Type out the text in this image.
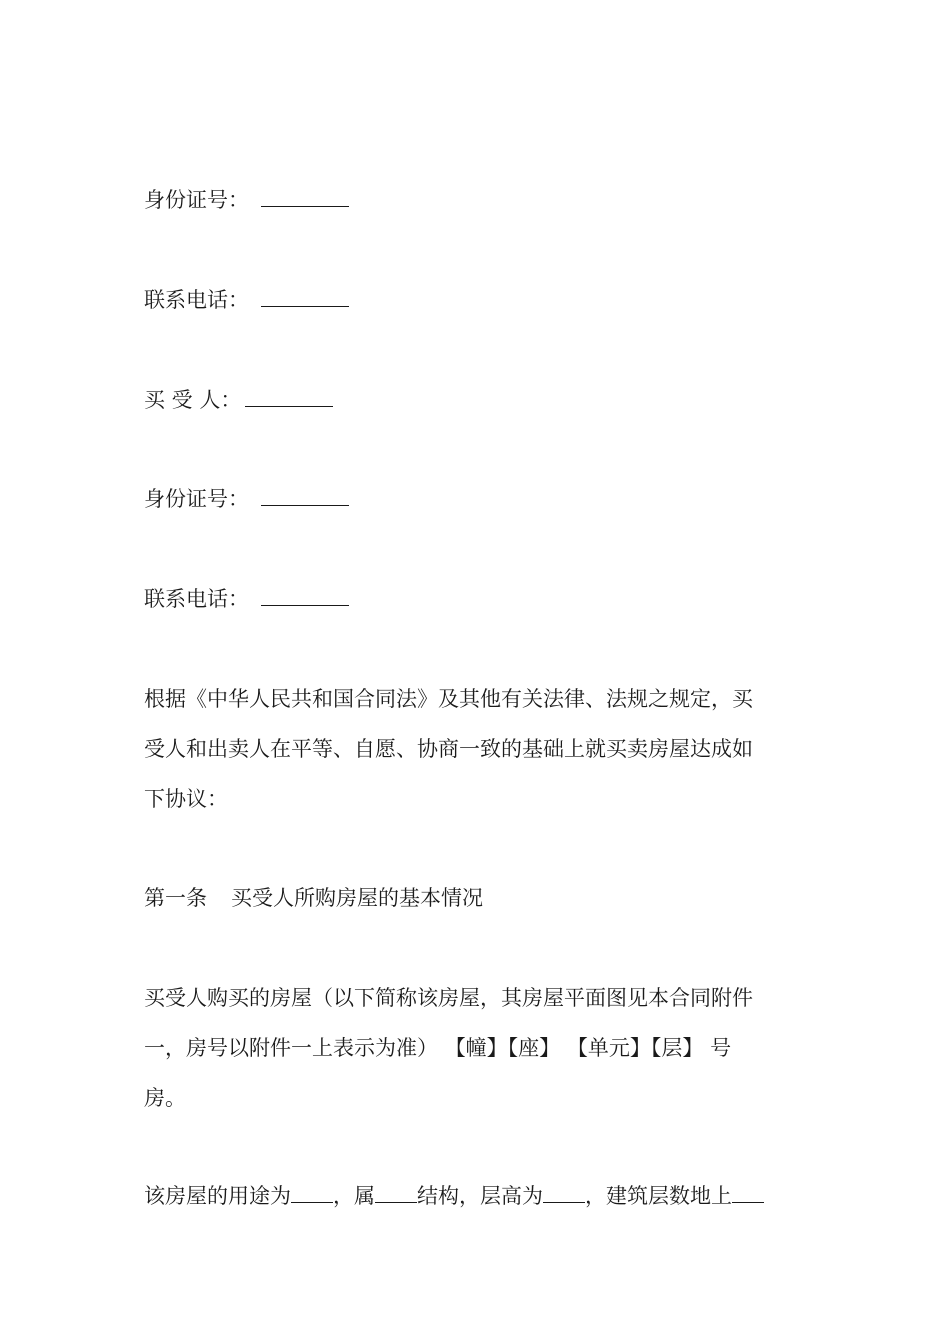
身份证号：
联系电话：
买 受 人：
身份证号：
联系电话：
根据《中华人民共和国合同法》及其他有关法律、法规之规定，买
受人和出卖人在平等、自愿、协商一致的基础上就买卖房屋达成如
下协议：
第一条 买受人所购房屋的基本情况
买受人购买的房屋（以下简称该房屋，其房屋平面图见本合同附件
一，房号以附件一上表示为准） 【幢】【座】 【单元】【层】 号
房。
该房屋的用途为 ，属 结构，层高为 ，建筑层数地上
